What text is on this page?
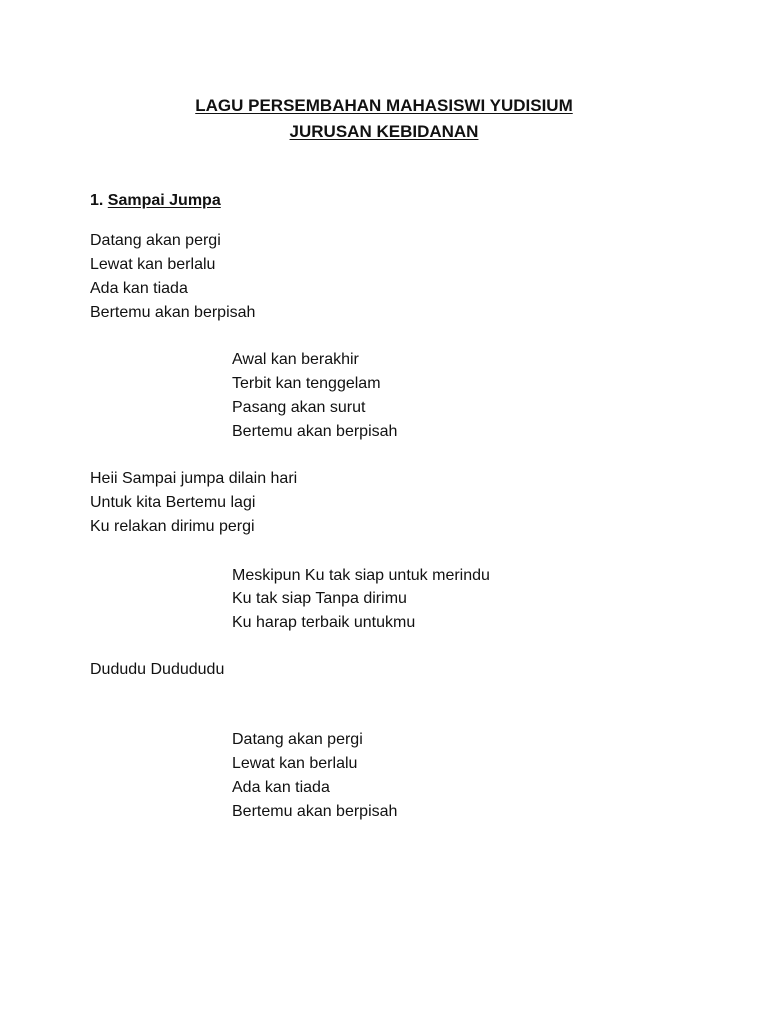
LAGU PERSEMBAHAN MAHASISWI YUDISIUM
JURUSAN KEBIDANAN
1. Sampai Jumpa
Datang akan pergi
Lewat kan berlalu
Ada kan tiada
Bertemu akan berpisah
Awal kan berakhir
Terbit kan tenggelam
Pasang akan surut
Bertemu akan berpisah
Heii Sampai jumpa dilain hari
Untuk kita Bertemu lagi
Ku relakan dirimu pergi
Meskipun Ku tak siap untuk merindu
Ku tak siap Tanpa dirimu
Ku harap terbaik untukmu
Dududu Dudududu
Datang akan pergi
Lewat kan berlalu
Ada kan tiada
Bertemu akan berpisah
